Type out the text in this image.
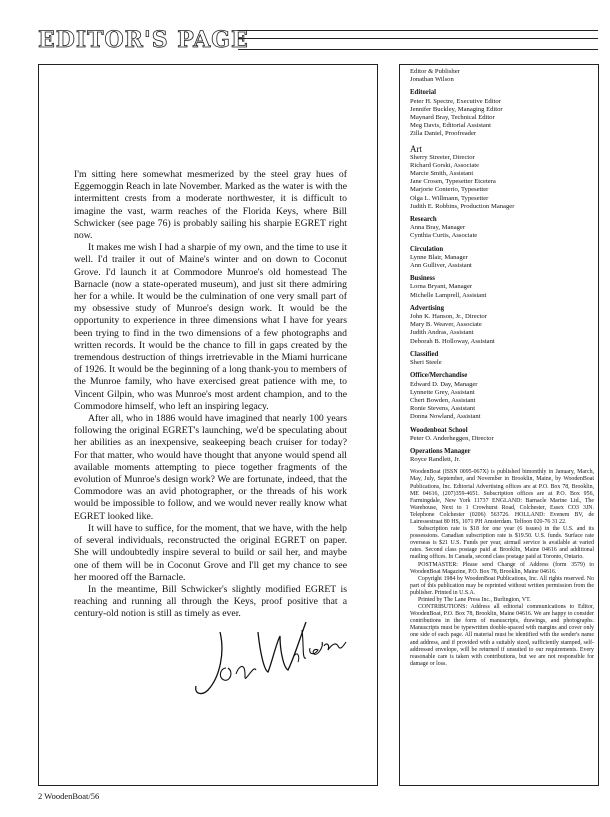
EDITOR'S PAGE

I'm sitting here somewhat mesmerized by the steel gray hues of Eggemoggin Reach in late November. Marked as the water is with the intermittent crests from a moderate northwester, it is difficult to imagine the vast, warm reaches of the Florida Keys, where Bill Schwicker (see page 76) is probably sailing his sharpie EGRET right now.

It makes me wish I had a sharpie of my own, and the time to use it well. I'd trailer it out of Maine's winter and on down to Coconut Grove. I'd launch it at Commodore Munroe's old homestead The Barnacle (now a state-operated museum), and just sit there admiring her for a while. It would be the culmination of one very small part of my obsessive study of Munroe's design work. It would be the opportunity to experience in three dimensions what I have for years been trying to find in the two dimensions of a few photographs and written records. It would be the chance to fill in gaps created by the tremendous destruction of things irretrievable in the Miami hurricane of 1926. It would be the beginning of a long thank-you to members of the Munroe family, who have exercised great patience with me, to Vincent Gilpin, who was Munroe's most ardent champion, and to the Commodore himself, who left an inspiring legacy.

After all, who in 1886 would have imagined that nearly 100 years following the original EGRET's launching, we'd be speculating about her abilities as an inexpensive, seakeeping beach cruiser for today? For that matter, who would have thought that anyone would spend all available moments attempting to piece together fragments of the evolution of Munroe's design work? We are fortunate, indeed, that the Commodore was an avid photographer, or the threads of his work would be impossible to follow, and we would never really know what EGRET looked like.

It will have to suffice, for the moment, that we have, with the help of several individuals, reconstructed the original EGRET on paper. She will undoubtedly inspire several to build or sail her, and maybe one of them will be in Coconut Grove and I'll get my chance to see her moored off the Barnacle.

In the meantime, Bill Schwicker's slightly modified EGRET is reaching and running all through the Keys, proof positive that a century-old notion is still as timely as ever.

Editor & Publisher
Jonathan Wilson
Editorial
Peter H. Spectre, Executive Editor
Jennifer Buckley, Managing Editor
Maynard Bray, Technical Editor
Meg Davis, Editorial Assistant
Zilla Daniel, Proofreader
Art
Sherry Streeter, Director
Richard Gorski, Associate
Marcie Smith, Assistant
Jane Crosen, Typesetter Etcetera
Marjorie Conterio, Typesetter
Olga L. Willmann, Typesetter
Judith E. Robbins, Production Manager
Research
Anna Bray, Manager
Cynthia Curtis, Associate
Circulation
Lynne Blair, Manager
Ann Gulliver, Assistant
Business
Lorna Bryant, Manager
Michelle Lamprell, Assistant
Advertising
John K. Hanson, Jr., Director
Mary B. Weaver, Associate
Judith Andras, Assistant
Deborah B. Holloway, Assistant
Classified
Sheri Steele
Office/Merchandise
Edward D. Day, Manager
Lynnette Grey, Assistant
Cheri Bowden, Assistant
Ronie Stevens, Assistant
Donna Nowland, Assistant
Woodenboat School
Peter O. Anderheggen, Director
Operations Manager
Royce Randlett, Jr.

WoodenBoat (ISSN 0095-067X) is published bimonthly in January, March, May, July, September, and November in Brooklin, Maine, by WoodenBoat Publications, Inc. Editorial Advertising offices are at P.O. Box 78, Brooklin, ME 04616, (207)359-4651. Subscription offices are at P.O. Box 956, Farmingdale, New York 11737 ENGLAND: Barnacle Marine Ltd., The Warehouse, Next to 1 Crowhurst Road, Colchester, Essex CO3 3JN. Telephone Colchester (0206) 563726. HOLLAND: Evenem BV, de Lairessestraat 80 HS, 1071 PH Amsterdam. Telfoon 020-76 31 22.

Subscription rate is $18 for one year (6 issues) in the U.S. and its possessions. Canadian subscription rate is $19.50. U.S. funds. Surface rate overseas is $21 U.S. Funds per year, airmail service is available at varied rates. Second class postage paid at Brooklin, Maine 04616 and additional mailing offices. In Canada, second class postage paid at Toronto, Ontario.

POSTMASTER: Please send Change of Address (form 3579) to WoodenBoat Magazine, P.O. Box 78, Brooklin, Maine 04616.

Copyright 1984 by WoodenBoat Publications, Inc. All rights reserved. No part of this publication may be reprinted without written permission from the publisher. Printed in U.S.A.

Printed by The Lane Press Inc., Burlington, VT.

CONTRIBUTIONS: Address all editorial communications to Editor, WoodenBoat, P.O. Box 78, Brooklin, Maine 04616. We are happy to consider contributions in the form of manuscripts, drawings, and photographs. Manuscripts must be typewritten double-spaced with margins and cover only one side of each page. All material must be identified with the sender's name and address, and if provided with a suitably sized, sufficiently stamped, self-addressed envelope, will be returned if unsuited to our requirements. Every reasonable care is taken with contributions, but we are not responsible for damage or loss.

2 WoodenBoat/56
